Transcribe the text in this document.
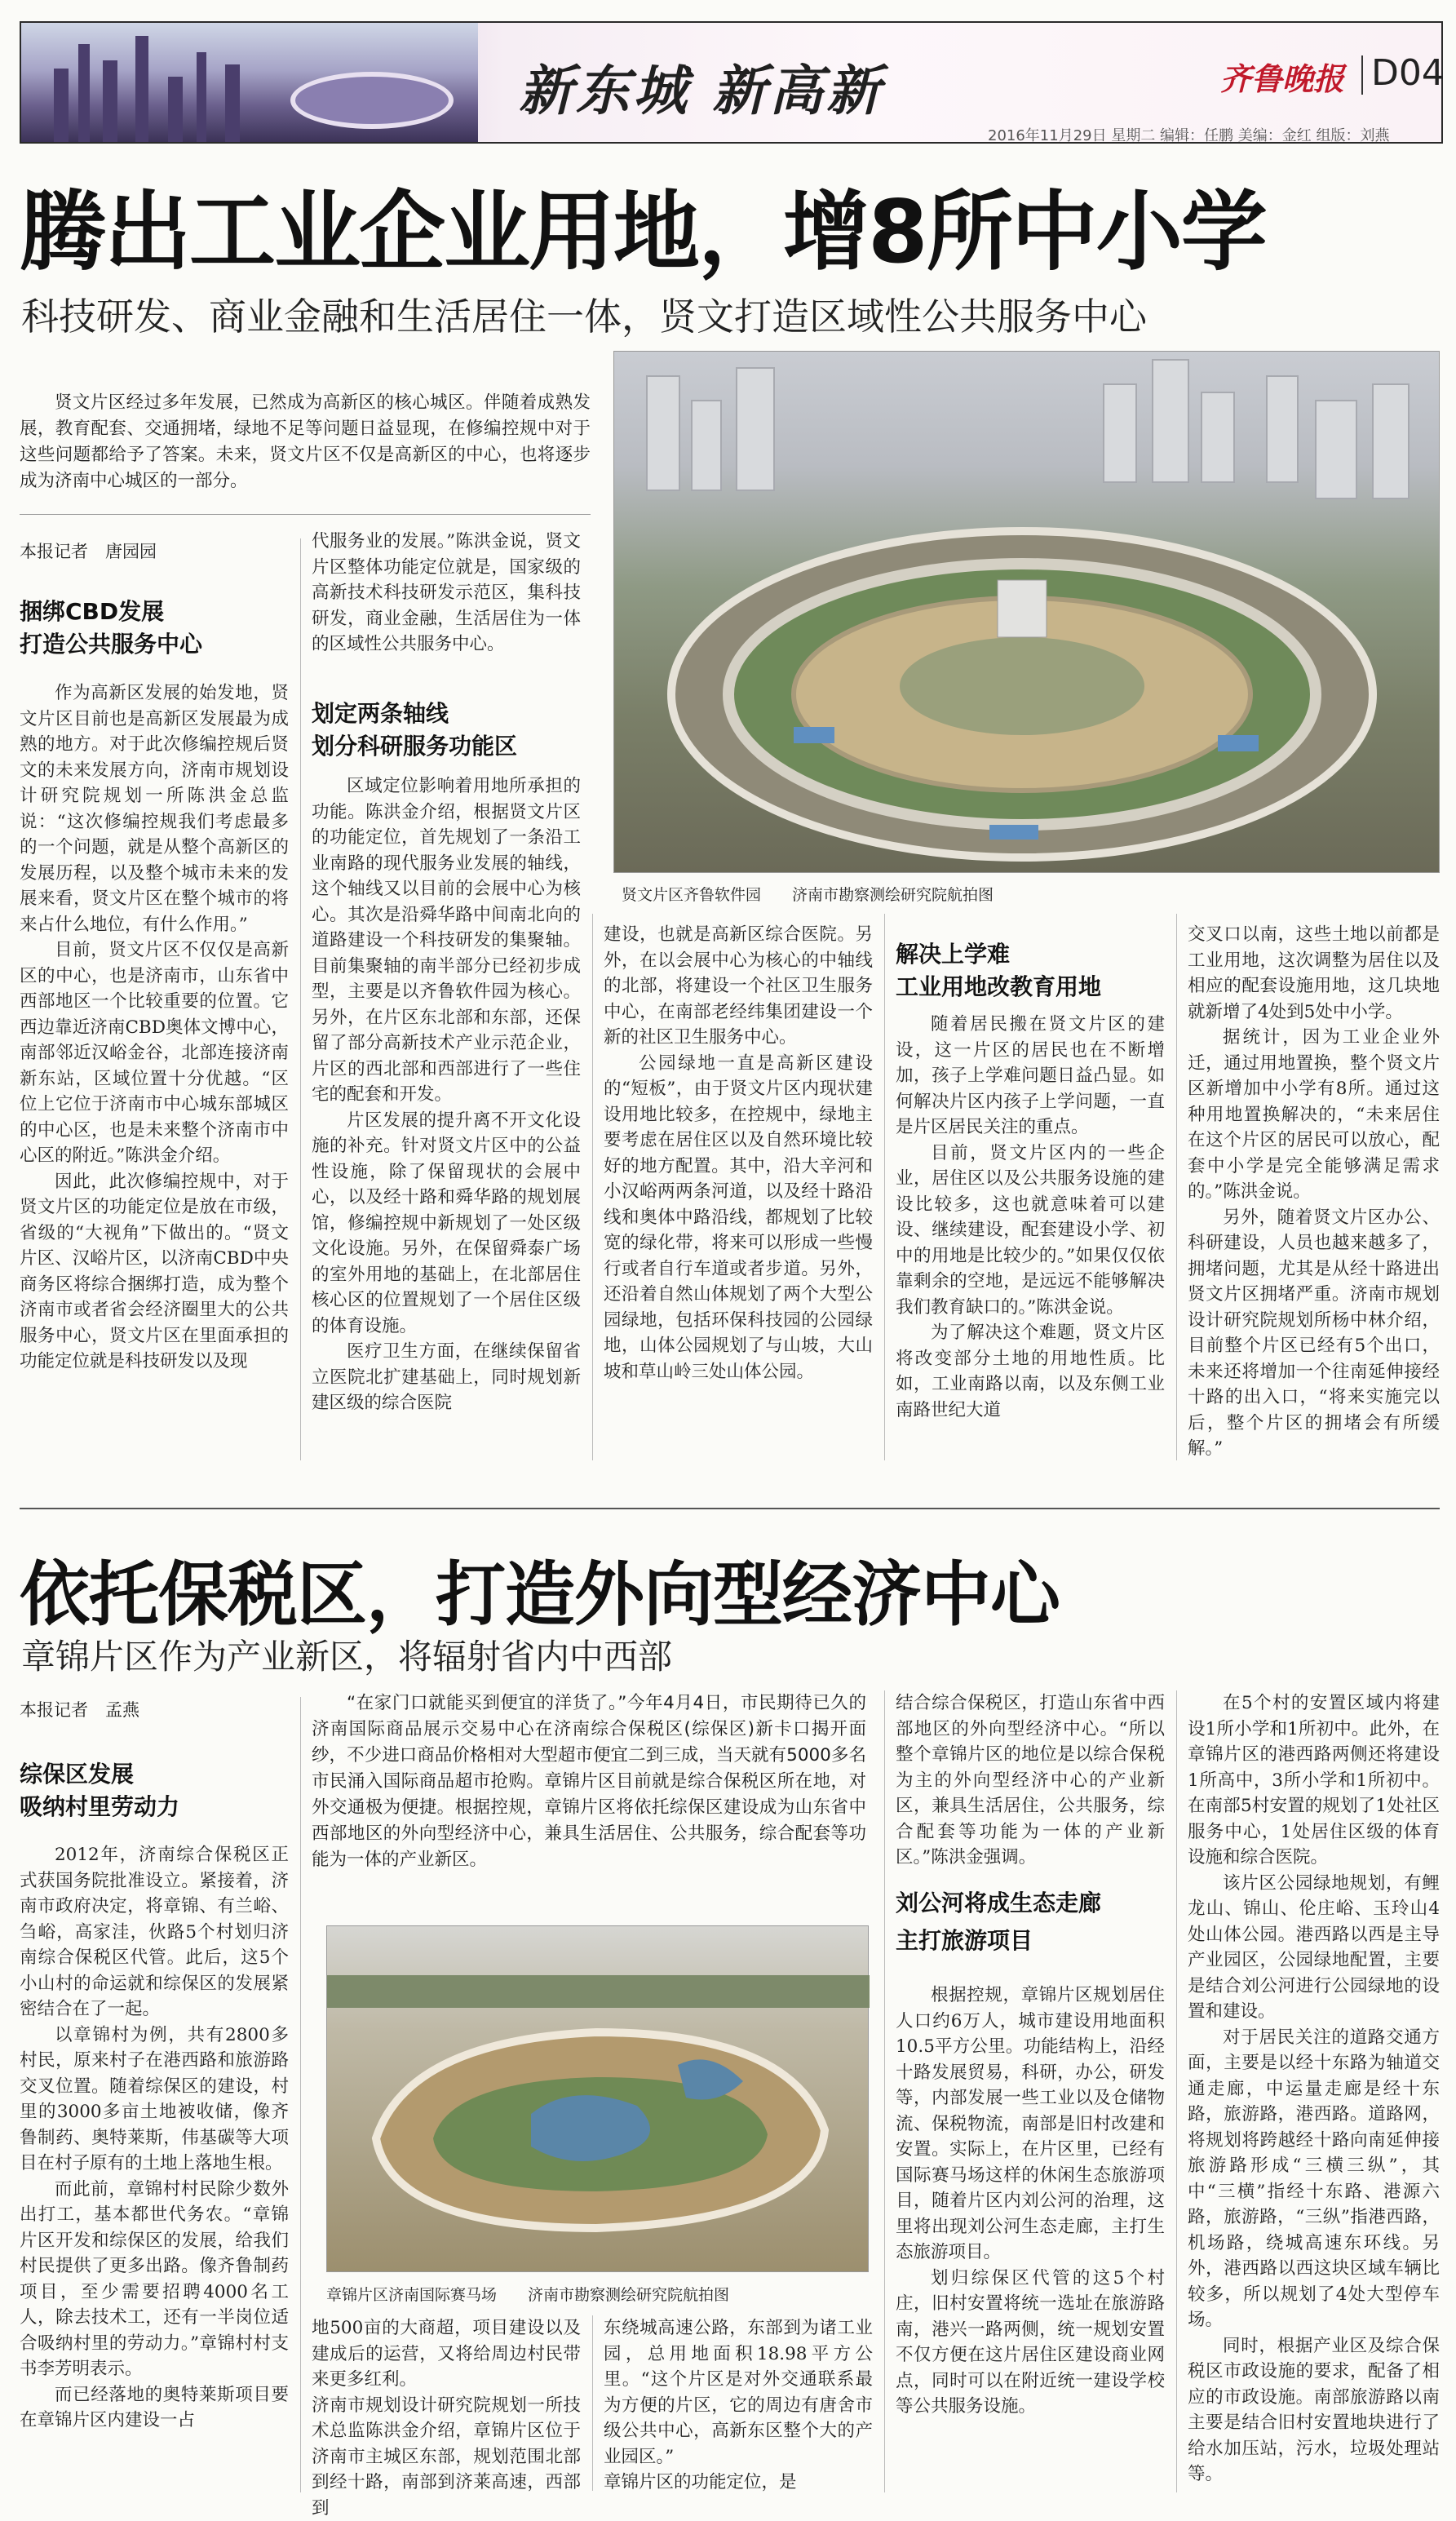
新东城 新高新	齐鲁晚报 D04
2016年11月29日 星期二 编辑：任鹏 美编：金红 组版：刘燕
腾出工业企业用地，增8所中小学
科技研发、商业金融和生活居住一体，贤文打造区域性公共服务中心
贤文片区经过多年发展，已然成为高新区的核心城区。伴随着成熟发展，教育配套、交通拥堵，绿地不足等问题日益显现，在修编控规中对于这些问题都给予了答案。未来，贤文片区不仅是高新区的中心，也将逐步成为济南中心城区的一部分。
贤文片区齐鲁软件园　　济南市勘察测绘研究院航拍图
本报记者　唐园园
捆绑CBD发展
打造公共服务中心

作为高新区发展的始发地，贤文片区目前也是高新区发展最为成熟的地方。对于此次修编控规后贤文的未来发展方向，济南市规划设计研究院规划一所陈洪金总监说：“这次修编控规我们考虑最多的一个问题，就是从整个高新区的发展历程，以及整个城市未来的发展来看，贤文片区在整个城市的将来占什么地位，有什么作用。”

目前，贤文片区不仅仅是高新区的中心，也是济南市，山东省中西部地区一个比较重要的位置。它西边靠近济南CBD奥体文博中心，南部邻近汉峪金谷，北部连接济南新东站，区域位置十分优越。“区位上它位于济南市中心城东部城区的中心区，也是未来整个济南市中心区的附近。”陈洪金介绍。

因此，此次修编控规中，对于贤文片区的功能定位是放在市级，省级的“大视角”下做出的。“贤文片区、汉峪片区，以济南CBD中央商务区将综合捆绑打造，成为整个济南市或者省会经济圈里大的公共服务中心，贤文片区在里面承担的功能定位就是科技研发以及现

代服务业的发展。”陈洪金说，贤文片区整体功能定位就是，国家级的高新技术科技研发示范区，集科技研发，商业金融，生活居住为一体的区域性公共服务中心。
划定两条轴线
划分科研服务功能区

区域定位影响着用地所承担的功能。陈洪金介绍，根据贤文片区的功能定位，首先规划了一条沿工业南路的现代服务业发展的轴线，这个轴线又以目前的会展中心为核心。其次是沿舜华路中间南北向的道路建设一个科技研发的集聚轴。目前集聚轴的南半部分已经初步成型，主要是以齐鲁软件园为核心。另外，在片区东北部和东部，还保留了部分高新技术产业示范企业，片区的西北部和西部进行了一些住宅的配套和开发。

片区发展的提升离不开文化设施的补充。针对贤文片区中的公益性设施，除了保留现状的会展中心，以及经十路和舜华路的规划展馆，修编控规中新规划了一处区级文化设施。另外，在保留舜泰广场的室外用地的基础上，在北部居住核心区的位置规划了一个居住区级的体育设施。

医疗卫生方面，在继续保留省立医院北扩建基础上，同时规划新建区级的综合医院

建设，也就是高新区综合医院。另外，在以会展中心为核心的中轴线的北部，将建设一个社区卫生服务中心，在南部老经纬集团建设一个新的社区卫生服务中心。

公园绿地一直是高新区建设的“短板”，由于贤文片区内现状建设用地比较多，在控规中，绿地主要考虑在居住区以及自然环境比较好的地方配置。其中，沿大辛河和小汉峪两两条河道，以及经十路沿线和奥体中路沿线，都规划了比较宽的绿化带，将来可以形成一些慢行或者自行车道或者步道。另外，还沿着自然山体规划了两个大型公园绿地，包括环保科技园的公园绿地，山体公园规划了与山坡，大山坡和草山岭三处山体公园。

解决上学难
工业用地改教育用地

随着居民搬在贤文片区的建设，这一片区的居民也在不断增加，孩子上学难问题日益凸显。如何解决片区内孩子上学问题，一直是片区居民关注的重点。

目前，贤文片区内的一些企业，居住区以及公共服务设施的建设比较多，这也就意味着可以建设、继续建设，配套建设小学、初中的用地是比较少的。”如果仅仅依靠剩余的空地，是远远不能够解决我们教育缺口的。”陈洪金说。

为了解决这个难题，贤文片区将改变部分土地的用地性质。比如，工业南路以南，以及东侧工业南路世纪大道

交叉口以南，这些土地以前都是工业用地，这次调整为居住以及相应的配套设施用地，这几块地就新增了4处到5处中小学。

据统计，因为工业企业外迁，通过用地置换，整个贤文片区新增加中小学有8所。通过这种用地置换解决的，“未来居住在这个片区的居民可以放心，配套中小学是完全能够满足需求的。”陈洪金说。

另外，随着贤文片区办公、科研建设，人员也越来越多了，拥堵问题，尤其是从经十路进出贤文片区拥堵严重。济南市规划设计研究院规划所杨中林介绍，目前整个片区已经有5个出口，未来还将增加一个往南延伸接经十路的出入口，“将来实施完以后，整个片区的拥堵会有所缓解。”

依托保税区，打造外向型经济中心
章锦片区作为产业新区，将辐射省内中西部
本报记者　孟燕
综保区发展
吸纳村里劳动力

2012年，济南综合保税区正式获国务院批准设立。紧接着，济南市政府决定，将章锦、有兰峪、刍峪，高家洼，伙路5个村划归济南综合保税区代管。此后，这5个小山村的命运就和综保区的发展紧密结合在了一起。

以章锦村为例，共有2800多村民，原来村子在港西路和旅游路交叉位置。随着综保区的建设，村里的3000多亩土地被收储，像齐鲁制药、奥特莱斯，伟基碳等大项目在村子原有的土地上落地生根。

而此前，章锦村村民除少数外出打工，基本都世代务农。“章锦片区开发和综保区的发展，给我们村民提供了更多出路。像齐鲁制药项目，至少需要招聘4000名工人，除去技术工，还有一半岗位适合吸纳村里的劳动力。”章锦村村支书李芳明表示。

而已经落地的奥特莱斯项目要在章锦片区内建设一占

“在家门口就能买到便宜的洋货了。”今年4月4日，市民期待已久的济南国际商品展示交易中心在济南综合保税区(综保区)新卡口揭开面纱，不少进口商品价格相对大型超市便宜二到三成，当天就有5000多名市民涌入国际商品超市抢购。章锦片区目前就是综合保税区所在地，对外交通极为便捷。根据控规，章锦片区将依托综保区建设成为山东省中西部地区的外向型经济中心，兼具生活居住、公共服务，综合配套等功能为一体的产业新区。
章锦片区济南国际赛马场　　济南市勘察测绘研究院航拍图
地500亩的大商超，项目建设以及建成后的运营，又将给周边村民带来更多红利。
济南市规划设计研究院规划一所技术总监陈洪金介绍，章锦片区位于济南市主城区东部，规划范围北部到经十路，南部到济莱高速，西部到
东绕城高速公路，东部到为诸工业园，总用地面积18.98平方公里。“这个片区是对外交通联系最为方便的片区，它的周边有唐舍市级公共中心，高新东区整个大的产业园区。”
章锦片区的功能定位，是
结合综合保税区，打造山东省中西部地区的外向型经济中心。“所以整个章锦片区的地位是以综合保税为主的外向型经济中心的产业新区，兼具生活居住，公共服务，综合配套等功能为一体的产业新区。”陈洪金强调。
刘公河将成生态走廊
主打旅游项目

根据控规，章锦片区规划居住人口约6万人，城市建设用地面积10.5平方公里。功能结构上，沿经十路发展贸易，科研，办公，研发等，内部发展一些工业以及仓储物流、保税物流，南部是旧村改建和安置。实际上，在片区里，已经有国际赛马场这样的休闲生态旅游项目，随着片区内刘公河的治理，这里将出现刘公河生态走廊，主打生态旅游项目。

划归综保区代管的这5个村庄，旧村安置将统一选址在旅游路南，港兴一路两侧，统一规划安置不仅方便在这片居住区建设商业网点，同时可以在附近统一建设学校等公共服务设施。

在5个村的安置区域内将建设1所小学和1所初中。此外，在章锦片区的港西路两侧还将建设1所高中，3所小学和1所初中。在南部5村安置的规划了1处社区服务中心，1处居住区级的体育设施和综合医院。

该片区公园绿地规划，有鲤龙山、锦山、伦庄峪、玉玲山4处山体公园。港西路以西是主导产业园区，公园绿地配置，主要是结合刘公河进行公园绿地的设置和建设。

对于居民关注的道路交通方面，主要是以经十东路为轴道交通走廊，中运量走廊是经十东路，旅游路，港西路。道路网，将规划将跨越经十路向南延伸接旅游路形成“三横三纵”，其中“三横”指经十东路、港源六路，旅游路，“三纵”指港西路，机场路，绕城高速东环线。另外，港西路以西这块区域车辆比较多，所以规划了4处大型停车场。

同时，根据产业区及综合保税区市政设施的要求，配备了相应的市政设施。南部旅游路以南主要是结合旧村安置地块进行了给水加压站，污水，垃圾处理站等。
